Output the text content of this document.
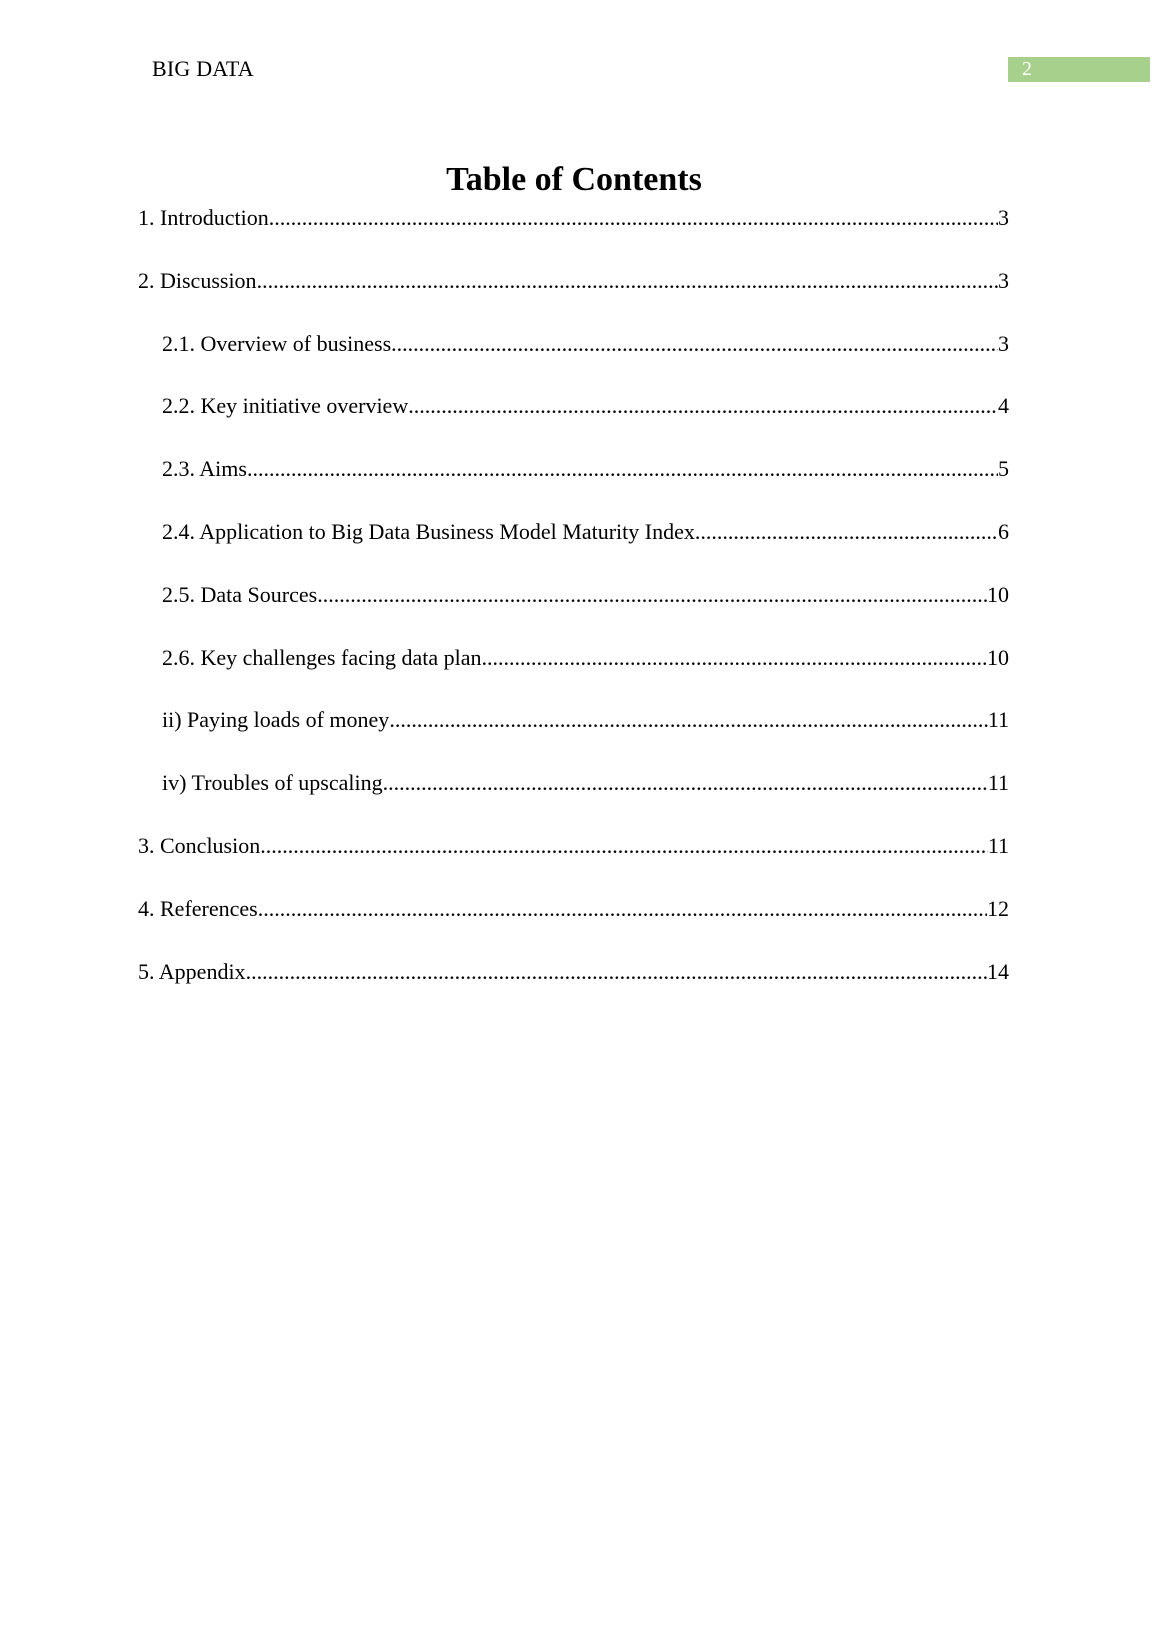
BIG DATA	2
Table of Contents
1. Introduction .....	3
2. Discussion .....	3
2.1. Overview of business .....	3
2.2. Key initiative overview .....	4
2.3. Aims .....	5
2.4. Application to Big Data Business Model Maturity Index .....	6
2.5. Data Sources .....	10
2.6. Key challenges facing data plan .....	10
ii) Paying loads of money .....	11
iv) Troubles of upscaling .....	11
3. Conclusion .....	11
4. References .....	12
5. Appendix .....	14
